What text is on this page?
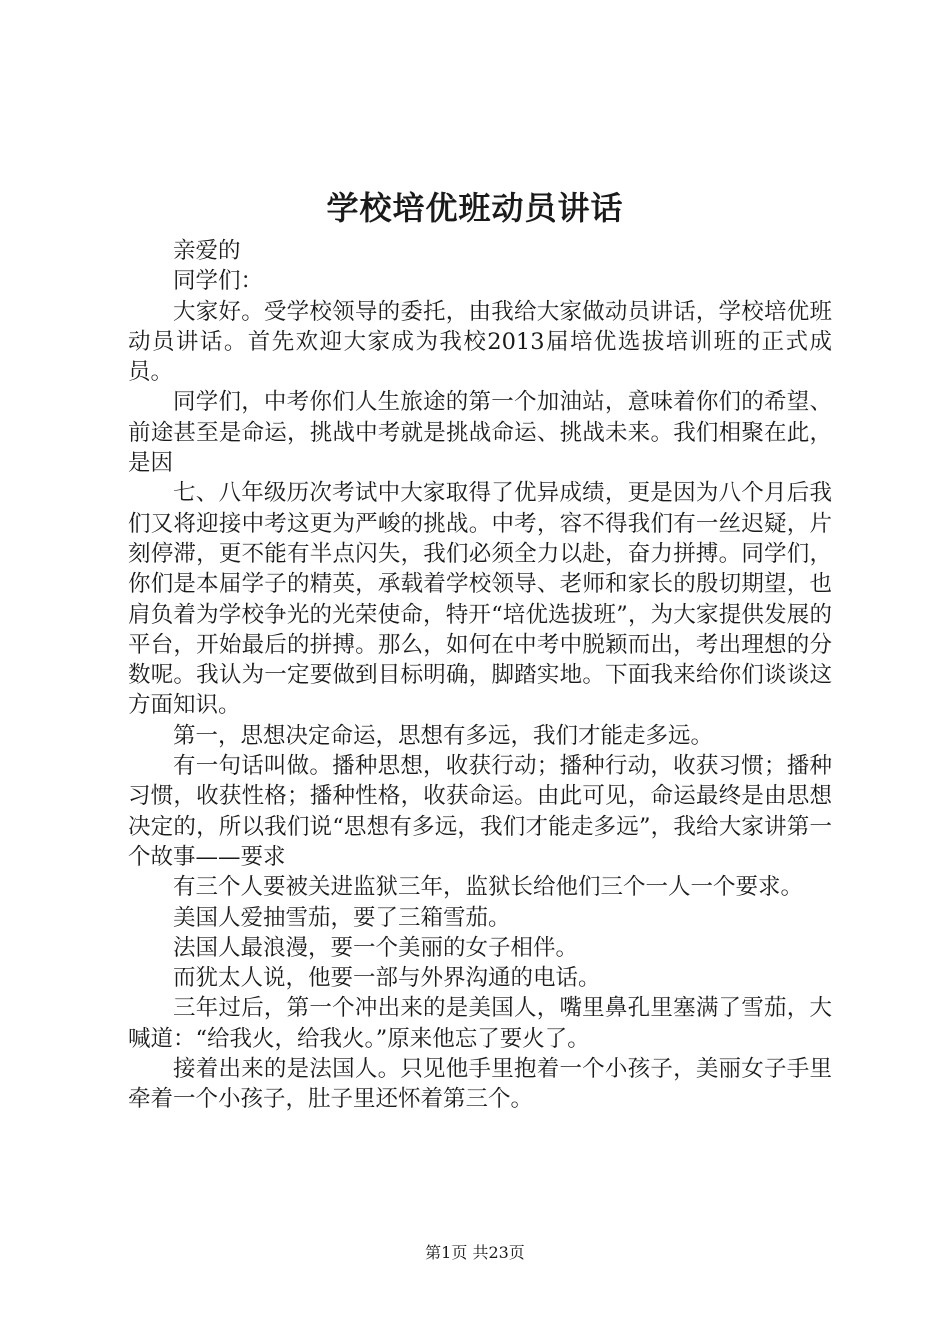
学校培优班动员讲话

亲爱的

同学们：

大家好。受学校领导的委托，由我给大家做动员讲话，学校培优班动员讲话。首先欢迎大家成为我校2013届培优选拔培训班的正式成员。

同学们，中考你们人生旅途的第一个加油站，意味着你们的希望、前途甚至是命运，挑战中考就是挑战命运、挑战未来。我们相聚在此，是因

七、八年级历次考试中大家取得了优异成绩，更是因为八个月后我们又将迎接中考这更为严峻的挑战。中考，容不得我们有一丝迟疑，片刻停滞，更不能有半点闪失，我们必须全力以赴，奋力拼搏。同学们，你们是本届学子的精英，承载着学校领导、老师和家长的殷切期望，也肩负着为学校争光的光荣使命，特开“培优选拔班”，为大家提供发展的平台，开始最后的拼搏。那么，如何在中考中脱颖而出，考出理想的分数呢。我认为一定要做到目标明确，脚踏实地。下面我来给你们谈谈这方面知识。

第一，思想决定命运，思想有多远，我们才能走多远。

有一句话叫做。播种思想，收获行动；播种行动，收获习惯；播种习惯，收获性格；播种性格，收获命运。由此可见，命运最终是由思想决定的，所以我们说“思想有多远，我们才能走多远”，我给大家讲第一个故事——要求

有三个人要被关进监狱三年，监狱长给他们三个一人一个要求。

美国人爱抽雪茄，要了三箱雪茄。

法国人最浪漫，要一个美丽的女子相伴。

而犹太人说，他要一部与外界沟通的电话。

三年过后，第一个冲出来的是美国人，嘴里鼻孔里塞满了雪茄，大喊道：“给我火，给我火。”原来他忘了要火了。

接着出来的是法国人。只见他手里抱着一个小孩子，美丽女子手里牵着一个小孩子，肚子里还怀着第三个。

第1页 共23页
